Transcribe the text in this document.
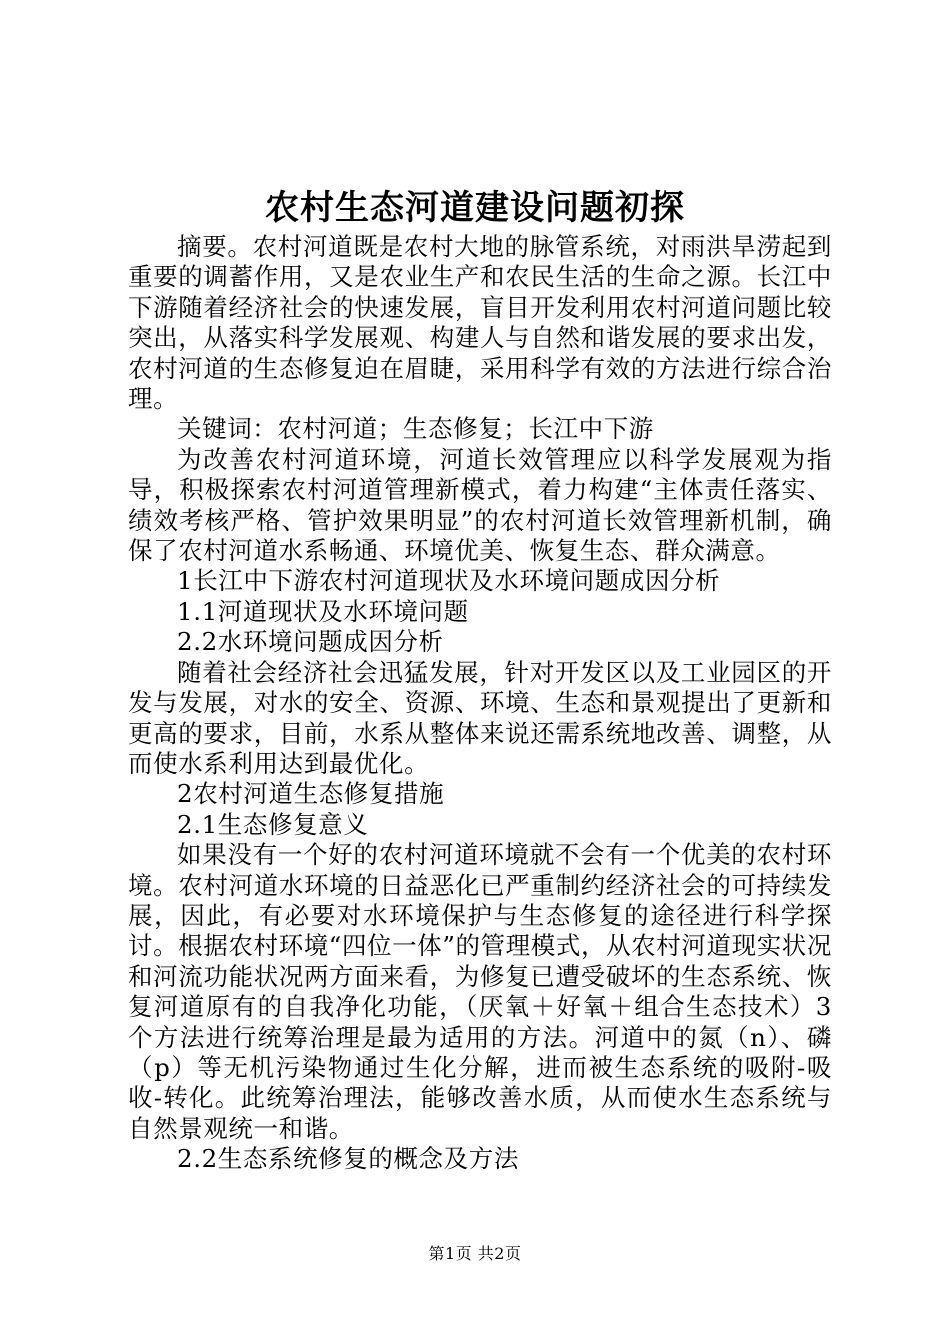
农村生态河道建设问题初探

摘要。农村河道既是农村大地的脉管系统，对雨洪旱涝起到重要的调蓄作用，又是农业生产和农民生活的生命之源。长江中下游随着经济社会的快速发展，盲目开发利用农村河道问题比较突出，从落实科学发展观、构建人与自然和谐发展的要求出发，农村河道的生态修复迫在眉睫，采用科学有效的方法进行综合治理。

关键词：农村河道；生态修复；长江中下游

为改善农村河道环境，河道长效管理应以科学发展观为指导，积极探索农村河道管理新模式，着力构建“主体责任落实、绩效考核严格、管护效果明显”的农村河道长效管理新机制，确保了农村河道水系畅通、环境优美、恢复生态、群众满意。

1长江中下游农村河道现状及水环境问题成因分析

1.1河道现状及水环境问题

2.2水环境问题成因分析

随着社会经济社会迅猛发展，针对开发区以及工业园区的开发与发展，对水的安全、资源、环境、生态和景观提出了更新和更高的要求，目前，水系从整体来说还需系统地改善、调整，从而使水系利用达到最优化。

2农村河道生态修复措施

2.1生态修复意义

如果没有一个好的农村河道环境就不会有一个优美的农村环境。农村河道水环境的日益恶化已严重制约经济社会的可持续发展，因此，有必要对水环境保护与生态修复的途径进行科学探讨。根据农村环境“四位一体”的管理模式，从农村河道现实状况和河流功能状况两方面来看，为修复已遭受破坏的生态系统、恢复河道原有的自我净化功能，（厌氧＋好氧＋组合生态技术）3个方法进行统筹治理是最为适用的方法。河道中的氮（n）、磷（p）等无机污染物通过生化分解，进而被生态系统的吸附-吸收-转化。此统筹治理法，能够改善水质，从而使水生态系统与自然景观统一和谐。

2.2生态系统修复的概念及方法

第1页 共2页
